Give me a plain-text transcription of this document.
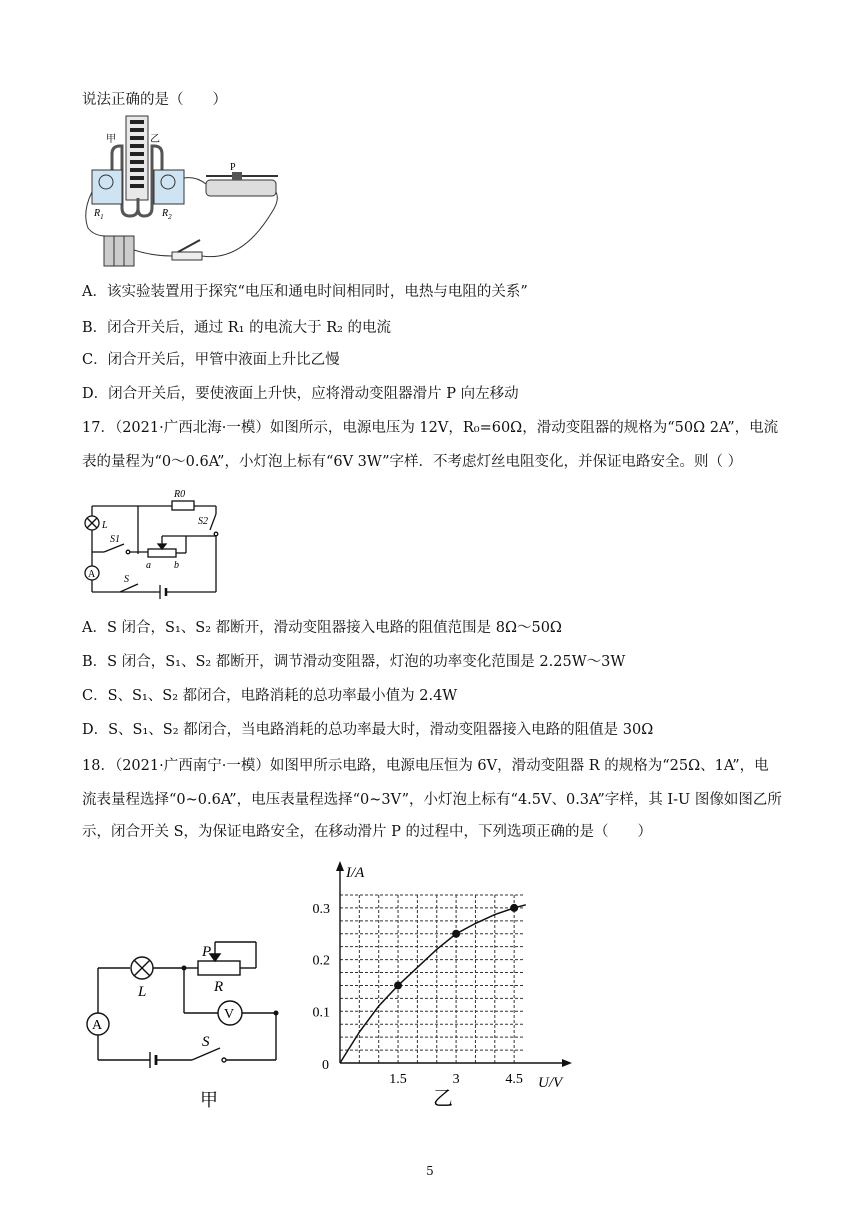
说法正确的是（　　）
甲	乙
$R_1$	$R_2$
P
A．该实验装置用于探究“电压和通电时间相同时，电热与电阻的关系”
B．闭合开关后，通过 R₁ 的电流大于 R₂ 的电流
C．闭合开关后，甲管中液面上升比乙慢
D．闭合开关后，要使液面上升快，应将滑动变阻器滑片 P 向左移动
17．（2021·广西北海·一模）如图所示，电源电压为 12V，R₀=60Ω，滑动变阻器的规格为“50Ω 2A”，电流
表的量程为“0～0.6A”，小灯泡上标有“6V 3W”字样．不考虑灯丝电阻变化，并保证电路安全。则（ ）
R0
L
S1
S2
a b
S
A
A．S 闭合，S₁、S₂ 都断开，滑动变阻器接入电路的阻值范围是 8Ω～50Ω
B．S 闭合，S₁、S₂ 都断开，调节滑动变阻器，灯泡的功率变化范围是 2.25W～3W
C．S、S₁、S₂ 都闭合，电路消耗的总功率最小值为 2.4W
D．S、S₁、S₂ 都闭合，当电路消耗的总功率最大时，滑动变阻器接入电路的阻值是 30Ω
18．（2021·广西南宁·一模）如图甲所示电路，电源电压恒为 6V，滑动变阻器 R 的规格为“25Ω、1A”，电
流表量程选择“0~0.6A”，电压表量程选择“0~3V”，小灯泡上标有“4.5V、0.3A”字样，其 I-U 图像如图乙所
示，闭合开关 S，为保证电路安全，在移动滑片 P 的过程中，下列选项正确的是（　　）
P
R
L
V
A
S
甲
I/A
U/V
0
1.5	3	4.5
0.1
0.2
0.3
乙
5
